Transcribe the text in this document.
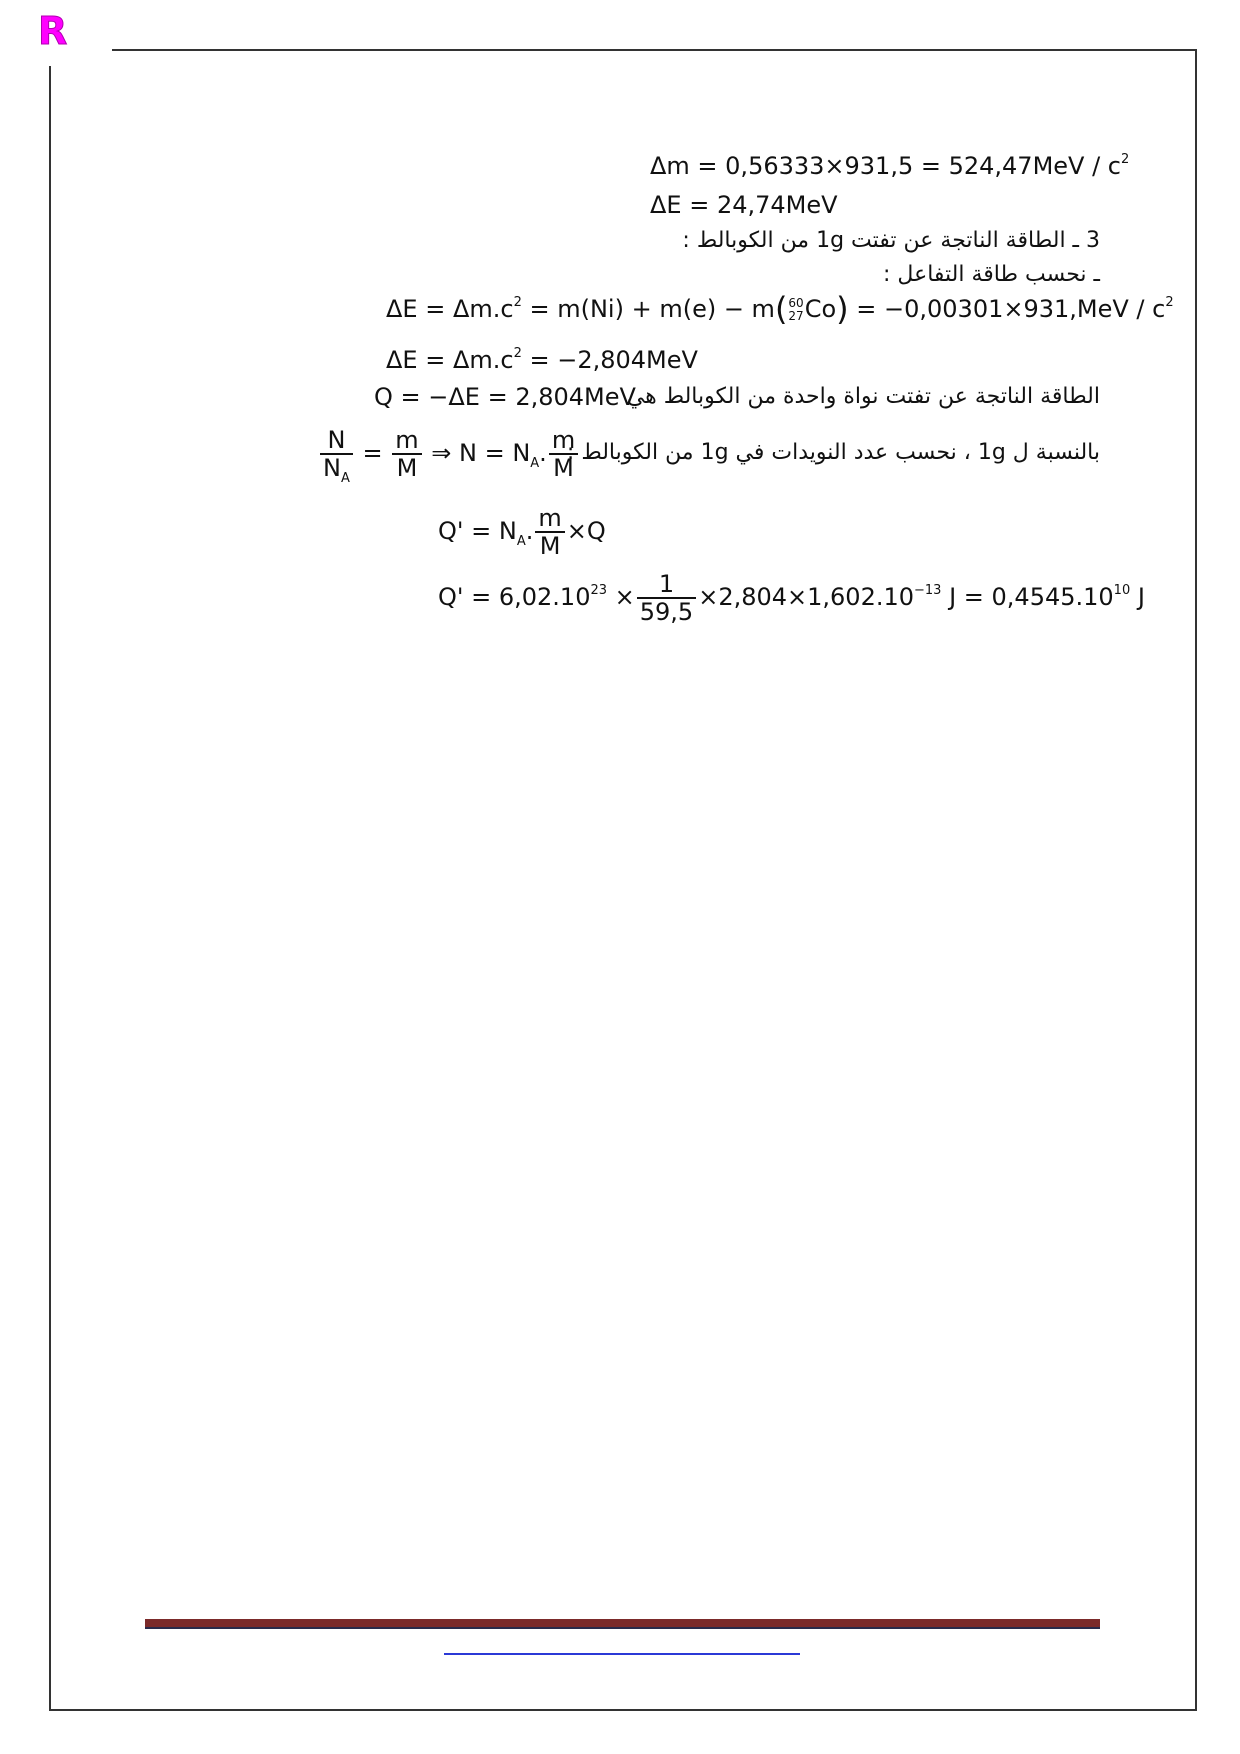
R
$\Delta m = 0,56333\times 931,5 = 524,47MeV / c^2$
ΔE = 24,74MeV
3 ـ الطاقة الناتجة عن تفتت 1g من الكوبالط :
ـ نحسب طاقة التفاعل :
$\Delta E = \Delta m.c^2 = m(Ni) + m(e) - m$( 60
27 $Co) = -0,00301\times 931,MeV / c^2$
$\Delta E = \Delta m.c^2 = -2,804MeV$
الطاقة الناتجة عن تفتت نواة واحدة من الكوبالط هي
Q = −ΔE = 2,804MeV
بالنسبة ل 1g ، نحسب عدد النويدات في 1g من الكوبالط :
$\frac{N}{N_A} = \frac{m}{M}$ ⇒ $N = N_A$. $\frac{m}{M}$
$Q' = N_A$. $\frac{m}{M} \times Q$
$Q' = 6,02.10^{23} \times \frac{1}{59,5} \times 2,804\times 1,602.10^{-13}$ $J = 0,4545.10^{10}$ J
